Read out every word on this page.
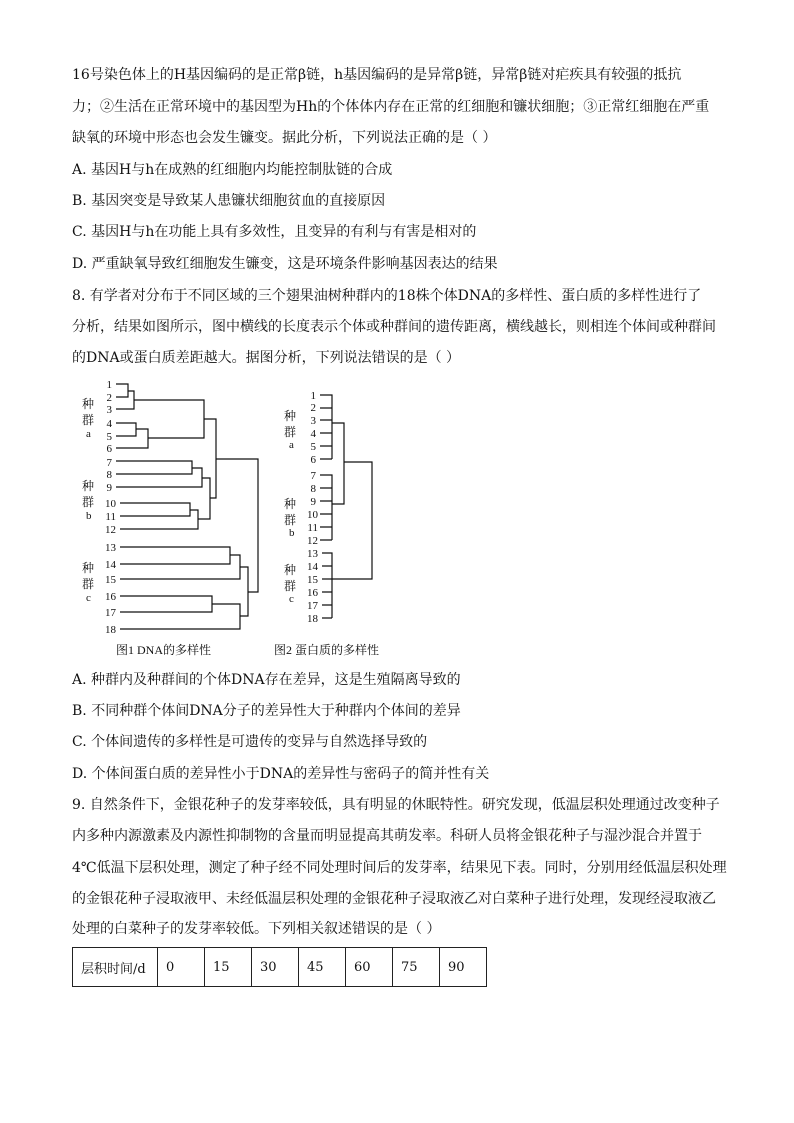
16号染色体上的H基因编码的是正常β链，h基因编码的是异常β链，异常β链对疟疾具有较强的抵抗
力；②生活在正常环境中的基因型为Hh的个体体内存在正常的红细胞和镰状细胞；③正常红细胞在严重
缺氧的环境中形态也会发生镰变。据此分析，下列说法正确的是（ ）
A. 基因H与h在成熟的红细胞内均能控制肽链的合成
B. 基因突变是导致某人患镰状细胞贫血的直接原因
C. 基因H与h在功能上具有多效性，且变异的有利与有害是相对的
D. 严重缺氧导致红细胞发生镰变，这是环境条件影响基因表达的结果
8. 有学者对分布于不同区域的三个翅果油树种群内的18株个体DNA的多样性、蛋白质的多样性进行了
分析，结果如图所示，图中横线的长度表示个体或种群间的遗传距离，横线越长，则相连个体间或种群间
的DNA或蛋白质差距越大。据图分析，下列说法错误的是（ ）
种
群
a
种
群
b
种
群
c
1
2
3
4
5
6
7
8
9
10
11
12
13
14
15
16
17
18
图1 DNA的多样性
种
群
a
种
群
b
种
群
c
1
2
3
4
5
6
7
8
9
10
11
12
13
14
15
16
17
18
图2 蛋白质的多样性
A. 种群内及种群间的个体DNA存在差异，这是生殖隔离导致的
B. 不同种群个体间DNA分子的差异性大于种群内个体间的差异
C. 个体间遗传的多样性是可遗传的变异与自然选择导致的
D. 个体间蛋白质的差异性小于DNA的差异性与密码子的简并性有关
9. 自然条件下，金银花种子的发芽率较低，具有明显的休眠特性。研究发现，低温层积处理通过改变种子
内多种内源激素及内源性抑制物的含量而明显提高其萌发率。科研人员将金银花种子与湿沙混合并置于
4℃低温下层积处理，测定了种子经不同处理时间后的发芽率，结果见下表。同时，分别用经低温层积处理
的金银花种子浸取液甲、未经低温层积处理的金银花种子浸取液乙对白菜种子进行处理，发现经浸取液乙
处理的白菜种子的发芽率较低。下列相关叙述错误的是（ ）
层积时间/d	0	15	30	45	60	75	90
